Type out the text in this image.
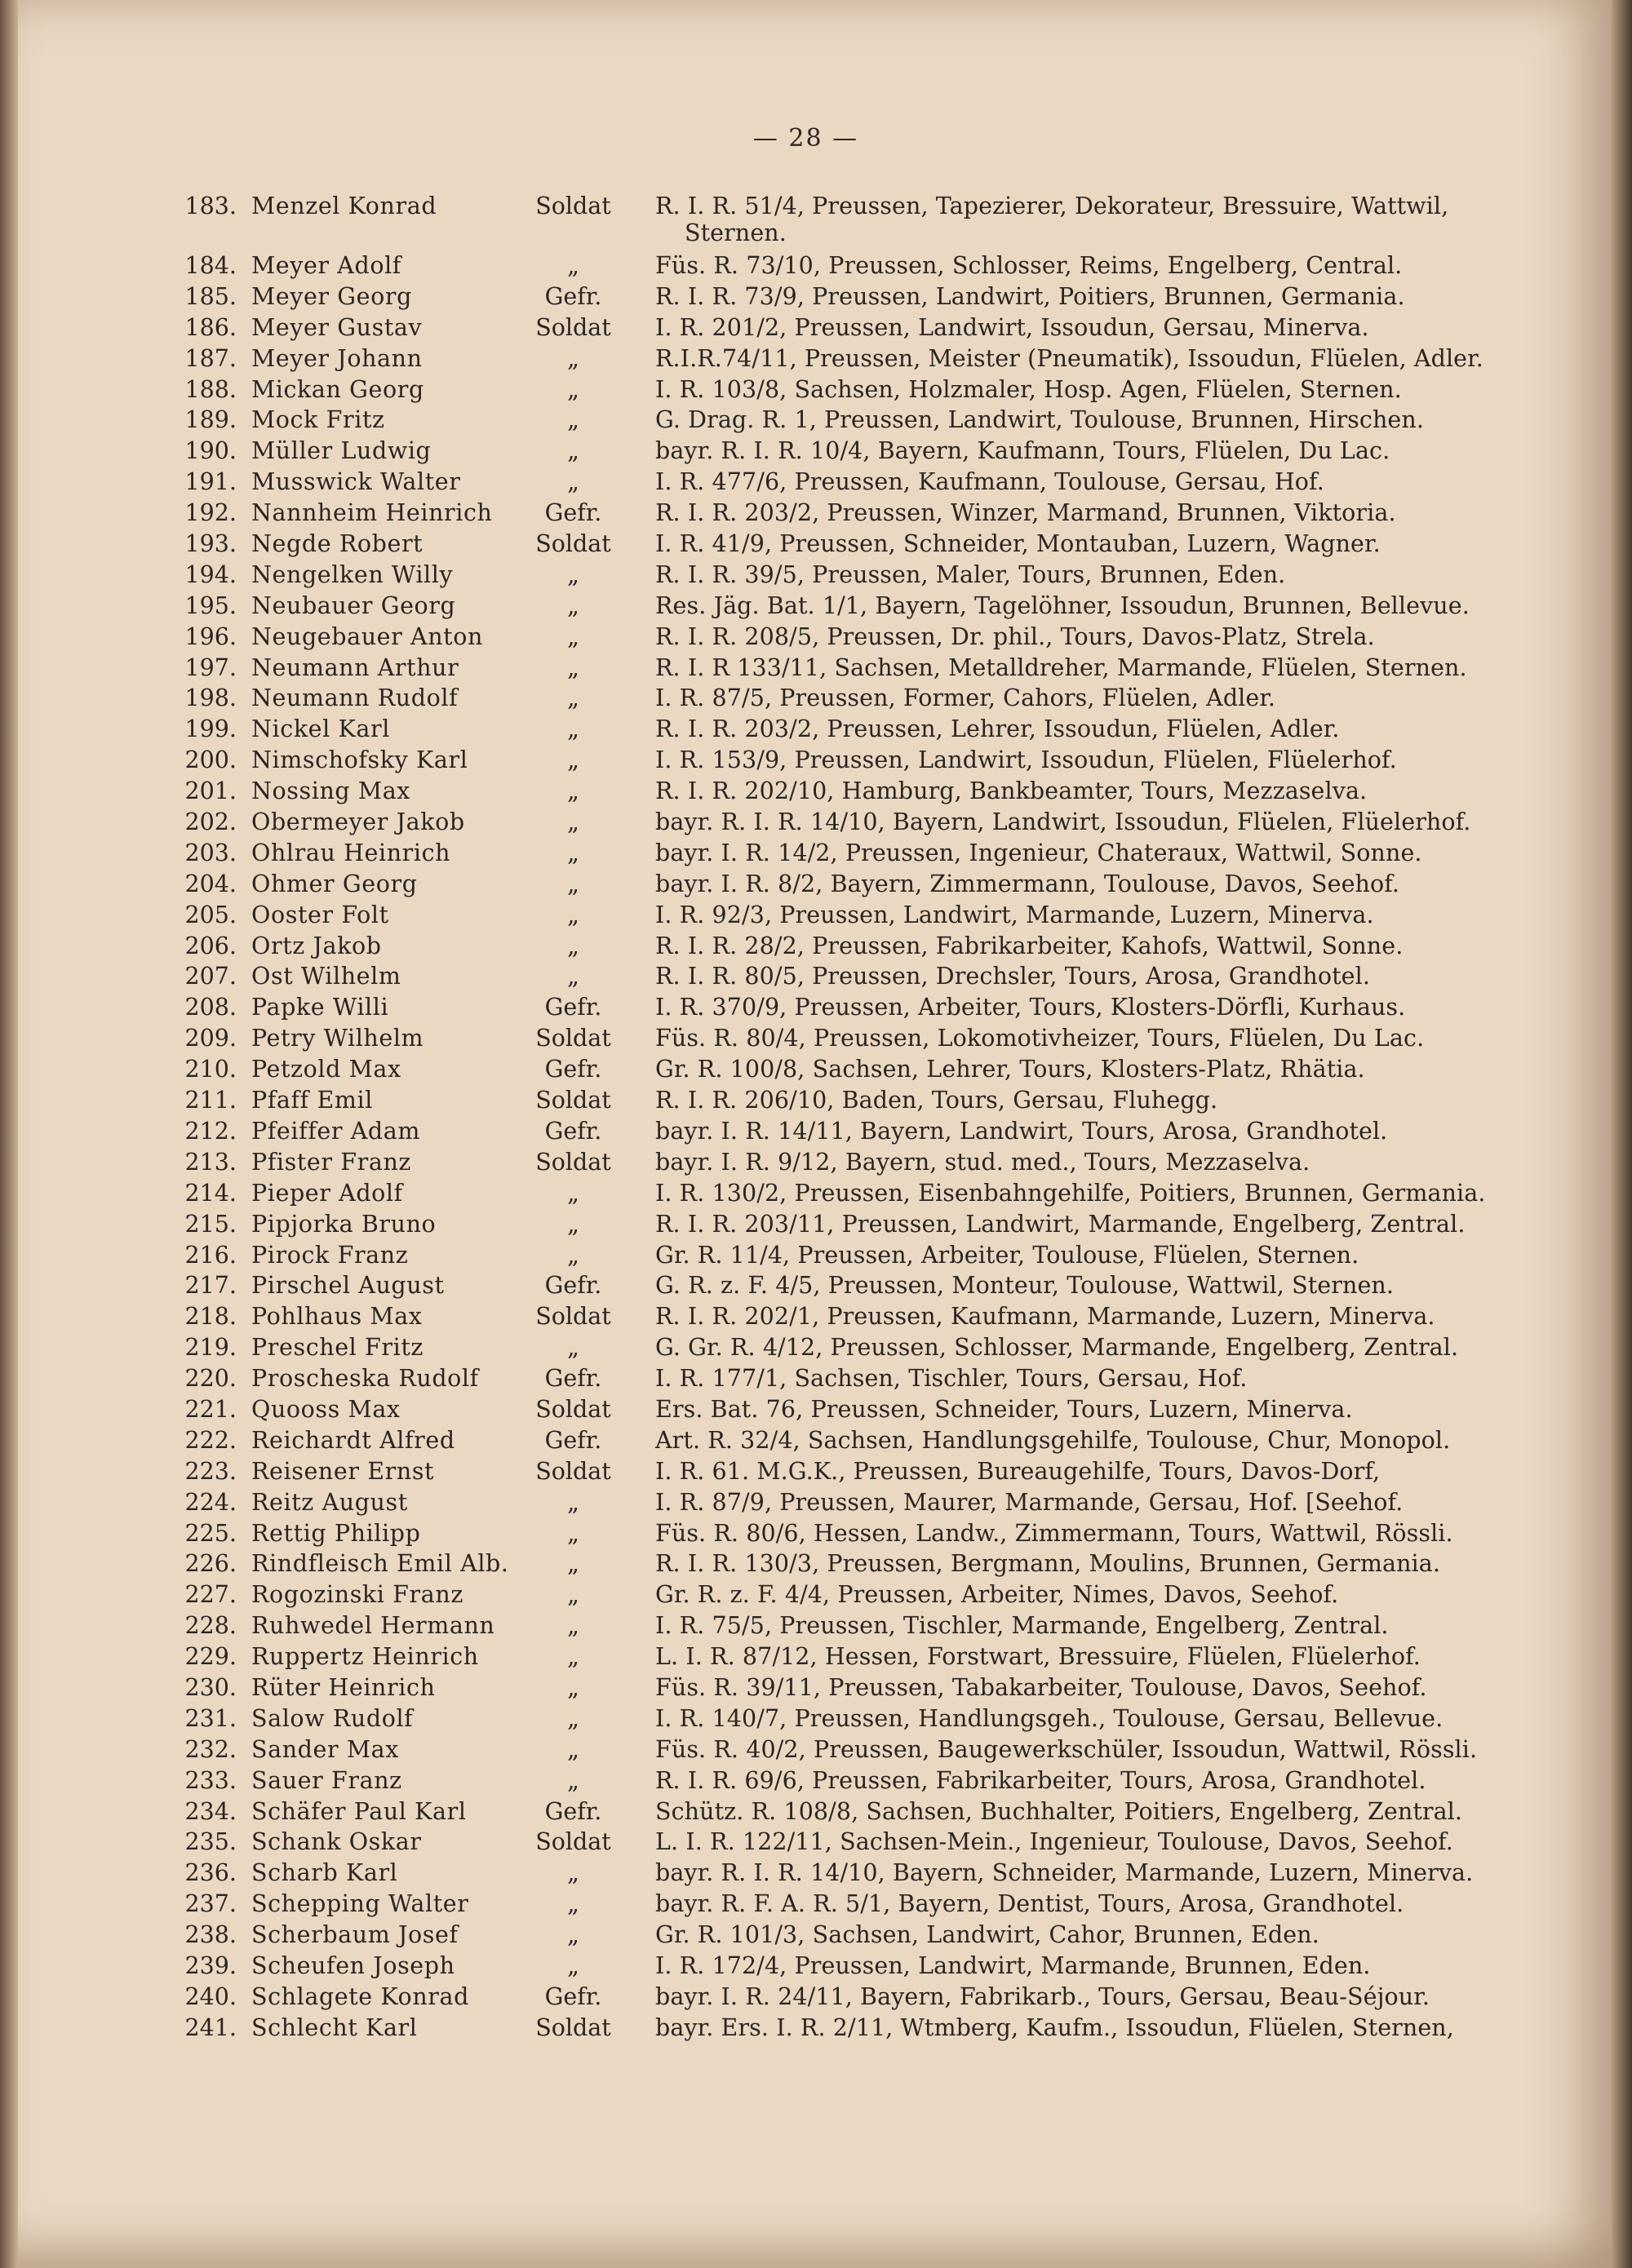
— 28 —
183. Menzel Konrad	Soldat	R. I. R. 51/4, Preussen, Tapezierer, Dekorateur, Bressuire, Wattwil,
Sternen.
184. Meyer Adolf	„	Füs. R. 73/10, Preussen, Schlosser, Reims, Engelberg, Central.
185. Meyer Georg	Gefr.	R. I. R. 73/9, Preussen, Landwirt, Poitiers, Brunnen, Germania.
186. Meyer Gustav	Soldat	I. R. 201/2, Preussen, Landwirt, Issoudun, Gersau, Minerva.
187. Meyer Johann	„	R.I.R.74/11, Preussen, Meister (Pneumatik), Issoudun, Flüelen, Adler.
188. Mickan Georg	„	I. R. 103/8, Sachsen, Holzmaler, Hosp. Agen, Flüelen, Sternen.
189. Mock Fritz	„	G. Drag. R. 1, Preussen, Landwirt, Toulouse, Brunnen, Hirschen.
190. Müller Ludwig	„	bayr. R. I. R. 10/4, Bayern, Kaufmann, Tours, Flüelen, Du Lac.
191. Musswick Walter	„	I. R. 477/6, Preussen, Kaufmann, Toulouse, Gersau, Hof.
192. Nannheim Heinrich	Gefr.	R. I. R. 203/2, Preussen, Winzer, Marmand, Brunnen, Viktoria.
193. Negde Robert	Soldat	I. R. 41/9, Preussen, Schneider, Montauban, Luzern, Wagner.
194. Nengelken Willy	„	R. I. R. 39/5, Preussen, Maler, Tours, Brunnen, Eden.
195. Neubauer Georg	„	Res. Jäg. Bat. 1/1, Bayern, Tagelöhner, Issoudun, Brunnen, Bellevue.
196. Neugebauer Anton	„	R. I. R. 208/5, Preussen, Dr. phil., Tours, Davos-Platz, Strela.
197. Neumann Arthur	„	R. I. R 133/11, Sachsen, Metalldreher, Marmande, Flüelen, Sternen.
198. Neumann Rudolf	„	I. R. 87/5, Preussen, Former, Cahors, Flüelen, Adler.
199. Nickel Karl	„	R. I. R. 203/2, Preussen, Lehrer, Issoudun, Flüelen, Adler.
200. Nimschofsky Karl	„	I. R. 153/9, Preussen, Landwirt, Issoudun, Flüelen, Flüelerhof.
201. Nossing Max	„	R. I. R. 202/10, Hamburg, Bankbeamter, Tours, Mezzaselva.
202. Obermeyer Jakob	„	bayr. R. I. R. 14/10, Bayern, Landwirt, Issoudun, Flüelen, Flüelerhof.
203. Ohlrau Heinrich	„	bayr. I. R. 14/2, Preussen, Ingenieur, Chateraux, Wattwil, Sonne.
204. Ohmer Georg	„	bayr. I. R. 8/2, Bayern, Zimmermann, Toulouse, Davos, Seehof.
205. Ooster Folt	„	I. R. 92/3, Preussen, Landwirt, Marmande, Luzern, Minerva.
206. Ortz Jakob	„	R. I. R. 28/2, Preussen, Fabrikarbeiter, Kahofs, Wattwil, Sonne.
207. Ost Wilhelm	„	R. I. R. 80/5, Preussen, Drechsler, Tours, Arosa, Grandhotel.
208. Papke Willi	Gefr.	I. R. 370/9, Preussen, Arbeiter, Tours, Klosters-Dörfli, Kurhaus.
209. Petry Wilhelm	Soldat	Füs. R. 80/4, Preussen, Lokomotivheizer, Tours, Flüelen, Du Lac.
210. Petzold Max	Gefr.	Gr. R. 100/8, Sachsen, Lehrer, Tours, Klosters-Platz, Rhätia.
211. Pfaff Emil	Soldat	R. I. R. 206/10, Baden, Tours, Gersau, Fluhegg.
212. Pfeiffer Adam	Gefr.	bayr. I. R. 14/11, Bayern, Landwirt, Tours, Arosa, Grandhotel.
213. Pfister Franz	Soldat	bayr. I. R. 9/12, Bayern, stud. med., Tours, Mezzaselva.
214. Pieper Adolf	„	I. R. 130/2, Preussen, Eisenbahngehilfe, Poitiers, Brunnen, Germania.
215. Pipjorka Bruno	„	R. I. R. 203/11, Preussen, Landwirt, Marmande, Engelberg, Zentral.
216. Pirock Franz	„	Gr. R. 11/4, Preussen, Arbeiter, Toulouse, Flüelen, Sternen.
217. Pirschel August	Gefr.	G. R. z. F. 4/5, Preussen, Monteur, Toulouse, Wattwil, Sternen.
218. Pohlhaus Max	Soldat	R. I. R. 202/1, Preussen, Kaufmann, Marmande, Luzern, Minerva.
219. Preschel Fritz	„	G. Gr. R. 4/12, Preussen, Schlosser, Marmande, Engelberg, Zentral.
220. Proscheska Rudolf	Gefr.	I. R. 177/1, Sachsen, Tischler, Tours, Gersau, Hof.
221. Quooss Max	Soldat	Ers. Bat. 76, Preussen, Schneider, Tours, Luzern, Minerva.
222. Reichardt Alfred	Gefr.	Art. R. 32/4, Sachsen, Handlungsgehilfe, Toulouse, Chur, Monopol.
223. Reisener Ernst	Soldat	I. R. 61. M.G.K., Preussen, Bureaugehilfe, Tours, Davos-Dorf,
224. Reitz August	„	I. R. 87/9, Preussen, Maurer, Marmande, Gersau, Hof. [Seehof.
225. Rettig Philipp	„	Füs. R. 80/6, Hessen, Landw., Zimmermann, Tours, Wattwil, Rössli.
226. Rindfleisch Emil Alb.	„	R. I. R. 130/3, Preussen, Bergmann, Moulins, Brunnen, Germania.
227. Rogozinski Franz	„	Gr. R. z. F. 4/4, Preussen, Arbeiter, Nimes, Davos, Seehof.
228. Ruhwedel Hermann	„	I. R. 75/5, Preussen, Tischler, Marmande, Engelberg, Zentral.
229. Ruppertz Heinrich	„	L. I. R. 87/12, Hessen, Forstwart, Bressuire, Flüelen, Flüelerhof.
230. Rüter Heinrich	„	Füs. R. 39/11, Preussen, Tabakarbeiter, Toulouse, Davos, Seehof.
231. Salow Rudolf	„	I. R. 140/7, Preussen, Handlungsgeh., Toulouse, Gersau, Bellevue.
232. Sander Max	„	Füs. R. 40/2, Preussen, Baugewerkschüler, Issoudun, Wattwil, Rössli.
233. Sauer Franz	„	R. I. R. 69/6, Preussen, Fabrikarbeiter, Tours, Arosa, Grandhotel.
234. Schäfer Paul Karl	Gefr.	Schütz. R. 108/8, Sachsen, Buchhalter, Poitiers, Engelberg, Zentral.
235. Schank Oskar	Soldat	L. I. R. 122/11, Sachsen-Mein., Ingenieur, Toulouse, Davos, Seehof.
236. Scharb Karl	„	bayr. R. I. R. 14/10, Bayern, Schneider, Marmande, Luzern, Minerva.
237. Schepping Walter	„	bayr. R. F. A. R. 5/1, Bayern, Dentist, Tours, Arosa, Grandhotel.
238. Scherbaum Josef	„	Gr. R. 101/3, Sachsen, Landwirt, Cahor, Brunnen, Eden.
239. Scheufen Joseph	„	I. R. 172/4, Preussen, Landwirt, Marmande, Brunnen, Eden.
240. Schlagete Konrad	Gefr.	bayr. I. R. 24/11, Bayern, Fabrikarb., Tours, Gersau, Beau-Séjour.
241. Schlecht Karl	Soldat	bayr. Ers. I. R. 2/11, Wtmberg, Kaufm., Issoudun, Flüelen, Sternen,
